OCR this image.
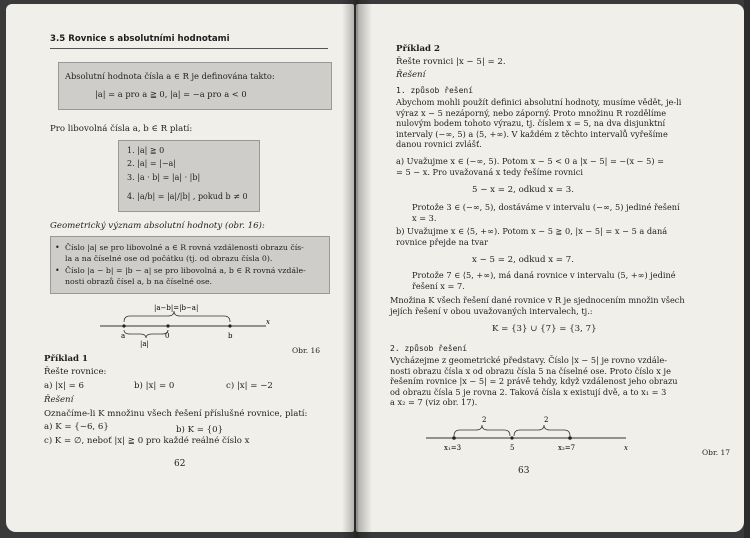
3.5 Rovnice s absolutními hodnotami
Absolutní hodnota čísla a ∈ R je definována takto:
|a| = a pro a ≧ 0, |a| = −a pro a < 0
Pro libovolná čísla a, b ∈ R platí:
1. |a| ≧ 0
2. |a| = |−a|
3. |a · b| = |a| · |b|
4. |a/b| = |a|/|b| , pokud b ≠ 0
Geometrický význam absolutní hodnoty (obr. 16):
• Číslo |a| se pro libovolné a ∈ R rovná vzdálenosti obrazu čís-
la a na číselné ose od počátku (tj. od obrazu čísla 0).
• Číslo |a − b| = |b − a| se pro libovolná a, b ∈ R rovná vzdále-
nosti obrazů čísel a, b na číselné ose.
|a−b|=|b−a|
|a|
a	0	b
x
Obr. 16
Příklad 1
Řešte rovnice:
a) |x| = 6	b) |x| = 0	c) |x| = −2
Řešení
Označíme-li K množinu všech řešení příslušné rovnice, platí:
a) K = {−6, 6}	b) K = {0}
c) K = ∅, neboť |x| ≧ 0 pro každé reálné číslo x
62
Příklad 2
Řešte rovnici |x − 5| = 2.
Řešení
1. způsob řešení
Abychom mohli použít definici absolutní hodnoty, musíme vědět, je-li
výraz x − 5 nezáporný, nebo záporný. Proto množinu R rozdělíme
nulovým bodem tohoto výrazu, tj. číslem x = 5, na dva disjunktní
intervaly (−∞, 5) a ⟨5, +∞). V každém z těchto intervalů vyřešíme
danou rovnici zvlášť.
a) Uvažujme x ∈ (−∞, 5). Potom x − 5 < 0 a |x − 5| = −(x − 5) =
= 5 − x. Pro uvažovaná x tedy řešíme rovnici
5 − x = 2, odkud x = 3.
Protože 3 ∈ (−∞, 5), dostáváme v intervalu (−∞, 5) jediné řešení
x = 3.
b) Uvažujme x ∈ ⟨5, +∞). Potom x − 5 ≧ 0, |x − 5| = x − 5 a daná
rovnice přejde na tvar
x − 5 = 2, odkud x = 7.
Protože 7 ∈ ⟨5, +∞), má daná rovnice v intervalu ⟨5, +∞) jediné
řešení x = 7.
Množina K všech řešení dané rovnice v R je sjednocením množin všech
jejích řešení v obou uvažovaných intervalech, tj.:
K = {3} ∪ {7} = {3, 7}
2. způsob řešení
Vycházejme z geometrické představy. Číslo |x − 5| je rovno vzdále-
nosti obrazu čísla x od obrazu čísla 5 na číselné ose. Proto číslo x je
řešením rovnice |x − 5| = 2 právě tehdy, když vzdálenost jeho obrazu
od obrazu čísla 5 je rovna 2. Taková čísla x existují dvě, a to x₁ = 3
a x₂ = 7 (viz obr. 17).
2	2
x₁=3	5	x₂=7	x	Obr. 17
63
